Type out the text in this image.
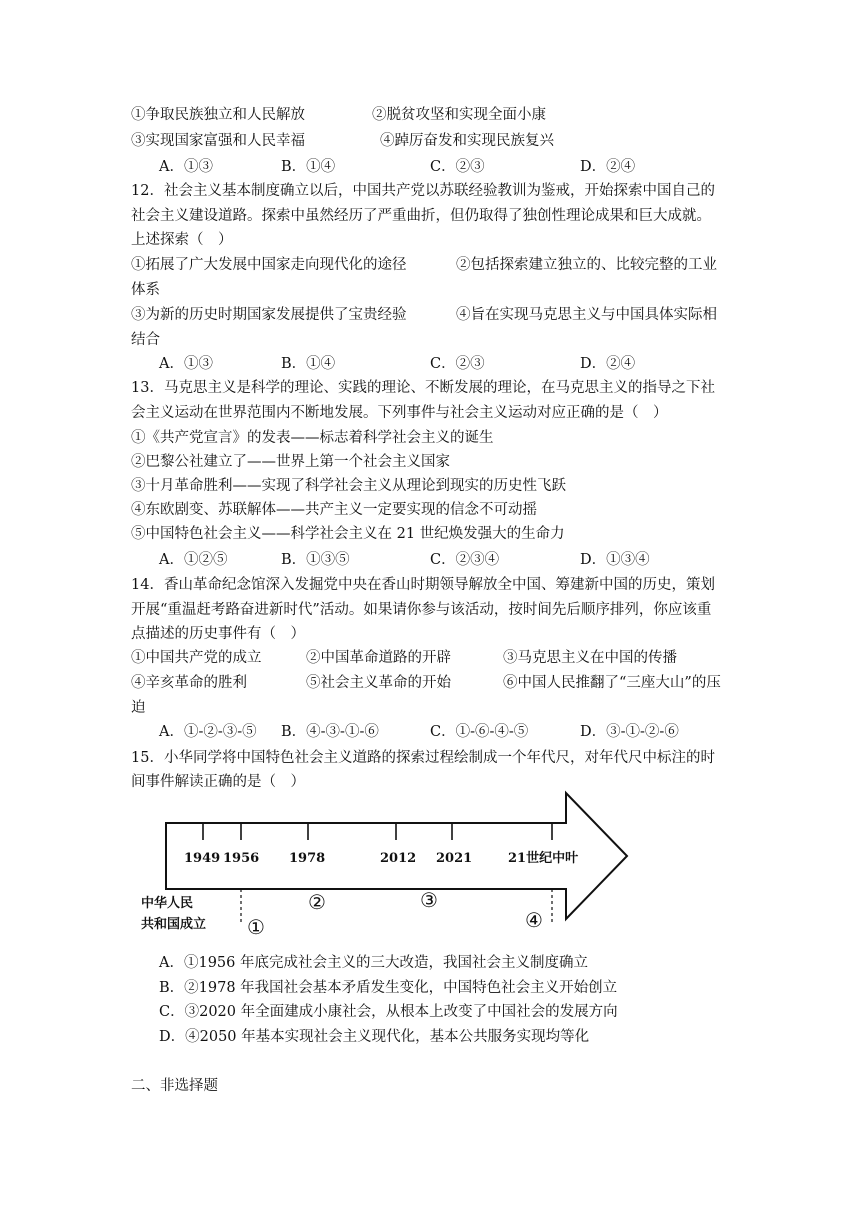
①争取民族独立和人民解放	②脱贫攻坚和实现全面小康
③实现国家富强和人民幸福	④踔厉奋发和实现民族复兴
A．①③	B．①④	C．②③	D．②④
12．社会主义基本制度确立以后，中国共产党以苏联经验教训为鉴戒，开始探索中国自己的
社会主义建设道路。探索中虽然经历了严重曲折，但仍取得了独创性理论成果和巨大成就。
上述探索（　）
①拓展了广大发展中国家走向现代化的途径	②包括探索建立独立的、比较完整的工业
体系
③为新的历史时期国家发展提供了宝贵经验	④旨在实现马克思主义与中国具体实际相
结合
A．①③	B．①④	C．②③	D．②④
13．马克思主义是科学的理论、实践的理论、不断发展的理论，在马克思主义的指导之下社
会主义运动在世界范围内不断地发展。下列事件与社会主义运动对应正确的是（　）
①《共产党宣言》的发表——标志着科学社会主义的诞生
②巴黎公社建立了——世界上第一个社会主义国家
③十月革命胜利——实现了科学社会主义从理论到现实的历史性飞跃
④东欧剧变、苏联解体——共产主义一定要实现的信念不可动摇
⑤中国特色社会主义——科学社会主义在 21 世纪焕发强大的生命力
A．①②⑤	B．①③⑤	C．②③④	D．①③④
14．香山革命纪念馆深入发掘党中央在香山时期领导解放全中国、筹建新中国的历史，策划
开展“重温赶考路奋进新时代”活动。如果请你参与该活动，按时间先后顺序排列，你应该重
点描述的历史事件有（　）
①中国共产党的成立	②中国革命道路的开辟	③马克思主义在中国的传播
④辛亥革命的胜利	⑤社会主义革命的开始	⑥中国人民推翻了“三座大山”的压
迫
A．①-②-③-⑤ B．④-③-①-⑥	C．①-⑥-④-⑤	D．③-①-②-⑥
15．小华同学将中国特色社会主义道路的探索过程绘制成一个年代尺，对年代尺中标注的时
间事件解读正确的是（　）
1949 1956 1978	2012 2021	21世纪中叶
①
②	③
④
中华人民
共和国成立
A．①1956 年底完成社会主义的三大改造，我国社会主义制度确立
B．②1978 年我国社会基本矛盾发生变化，中国特色社会主义开始创立
C．③2020 年全面建成小康社会，从根本上改变了中国社会的发展方向
D．④2050 年基本实现社会主义现代化，基本公共服务实现均等化
二、非选择题
